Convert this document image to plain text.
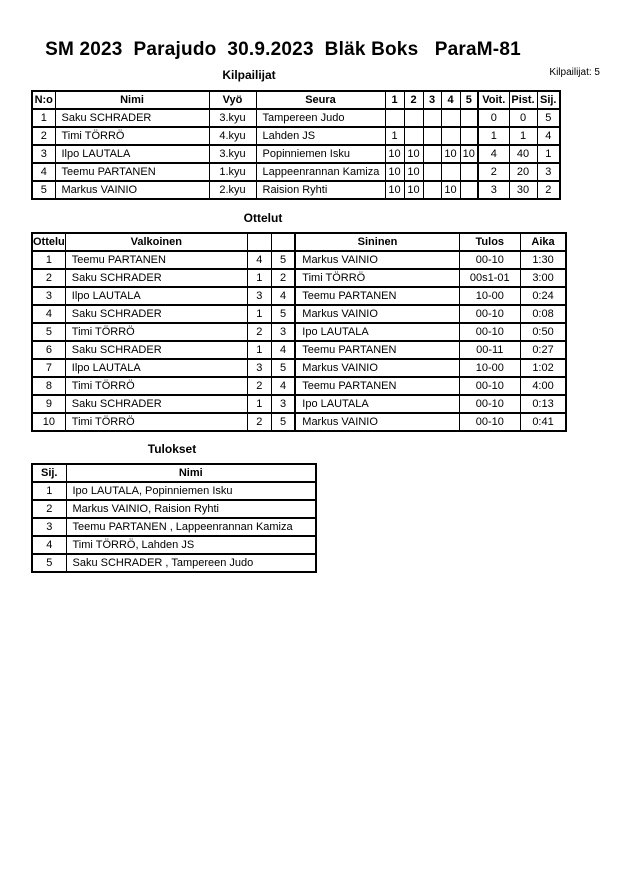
SM 2023  Parajudo  30.9.2023  Bläk Boks   ParaM-81
Kilpailijat: 5
Kilpailijat
N:o	Nimi	Vyö	Seura	1	2	3	4	5	Voit.	Pist.	Sij.
1	Saku SCHRADER	3.kyu	Tampereen Judo						0	0	5
2	Timi TÖRRÖ	4.kyu	Lahden JS	1					1	1	4
3	Ilpo LAUTALA	3.kyu	Popinniemen Isku	10	10		10	10	4	40	1
4	Teemu PARTANEN	1.kyu	Lappeenrannan Kamiza	10	10				2	20	3
5	Markus VAINIO	2.kyu	Raision Ryhti	10	10		10		3	30	2
Ottelut
Ottelu	Valkoinen			Sininen	Tulos	Aika
1	Teemu PARTANEN	4	5	Markus VAINIO	00-10	1:30
2	Saku SCHRADER	1	2	Timi TÖRRÖ	00s1-01	3:00
3	Ilpo LAUTALA	3	4	Teemu PARTANEN	10-00	0:24
4	Saku SCHRADER	1	5	Markus VAINIO	00-10	0:08
5	Timi TÖRRÖ	2	3	Ipo LAUTALA	00-10	0:50
6	Saku SCHRADER	1	4	Teemu PARTANEN	00-11	0:27
7	Ilpo LAUTALA	3	5	Markus VAINIO	10-00	1:02
8	Timi TÖRRÖ	2	4	Teemu PARTANEN	00-10	4:00
9	Saku SCHRADER	1	3	Ipo LAUTALA	00-10	0:13
10	Timi TÖRRÖ	2	5	Markus VAINIO	00-10	0:41
Tulokset
Sij.	Nimi
1	Ipo LAUTALA, Popinniemen Isku
2	Markus VAINIO, Raision Ryhti
3	Teemu PARTANEN , Lappeenrannan Kamiza
4	Timi TÖRRÖ, Lahden JS
5	Saku SCHRADER , Tampereen Judo
